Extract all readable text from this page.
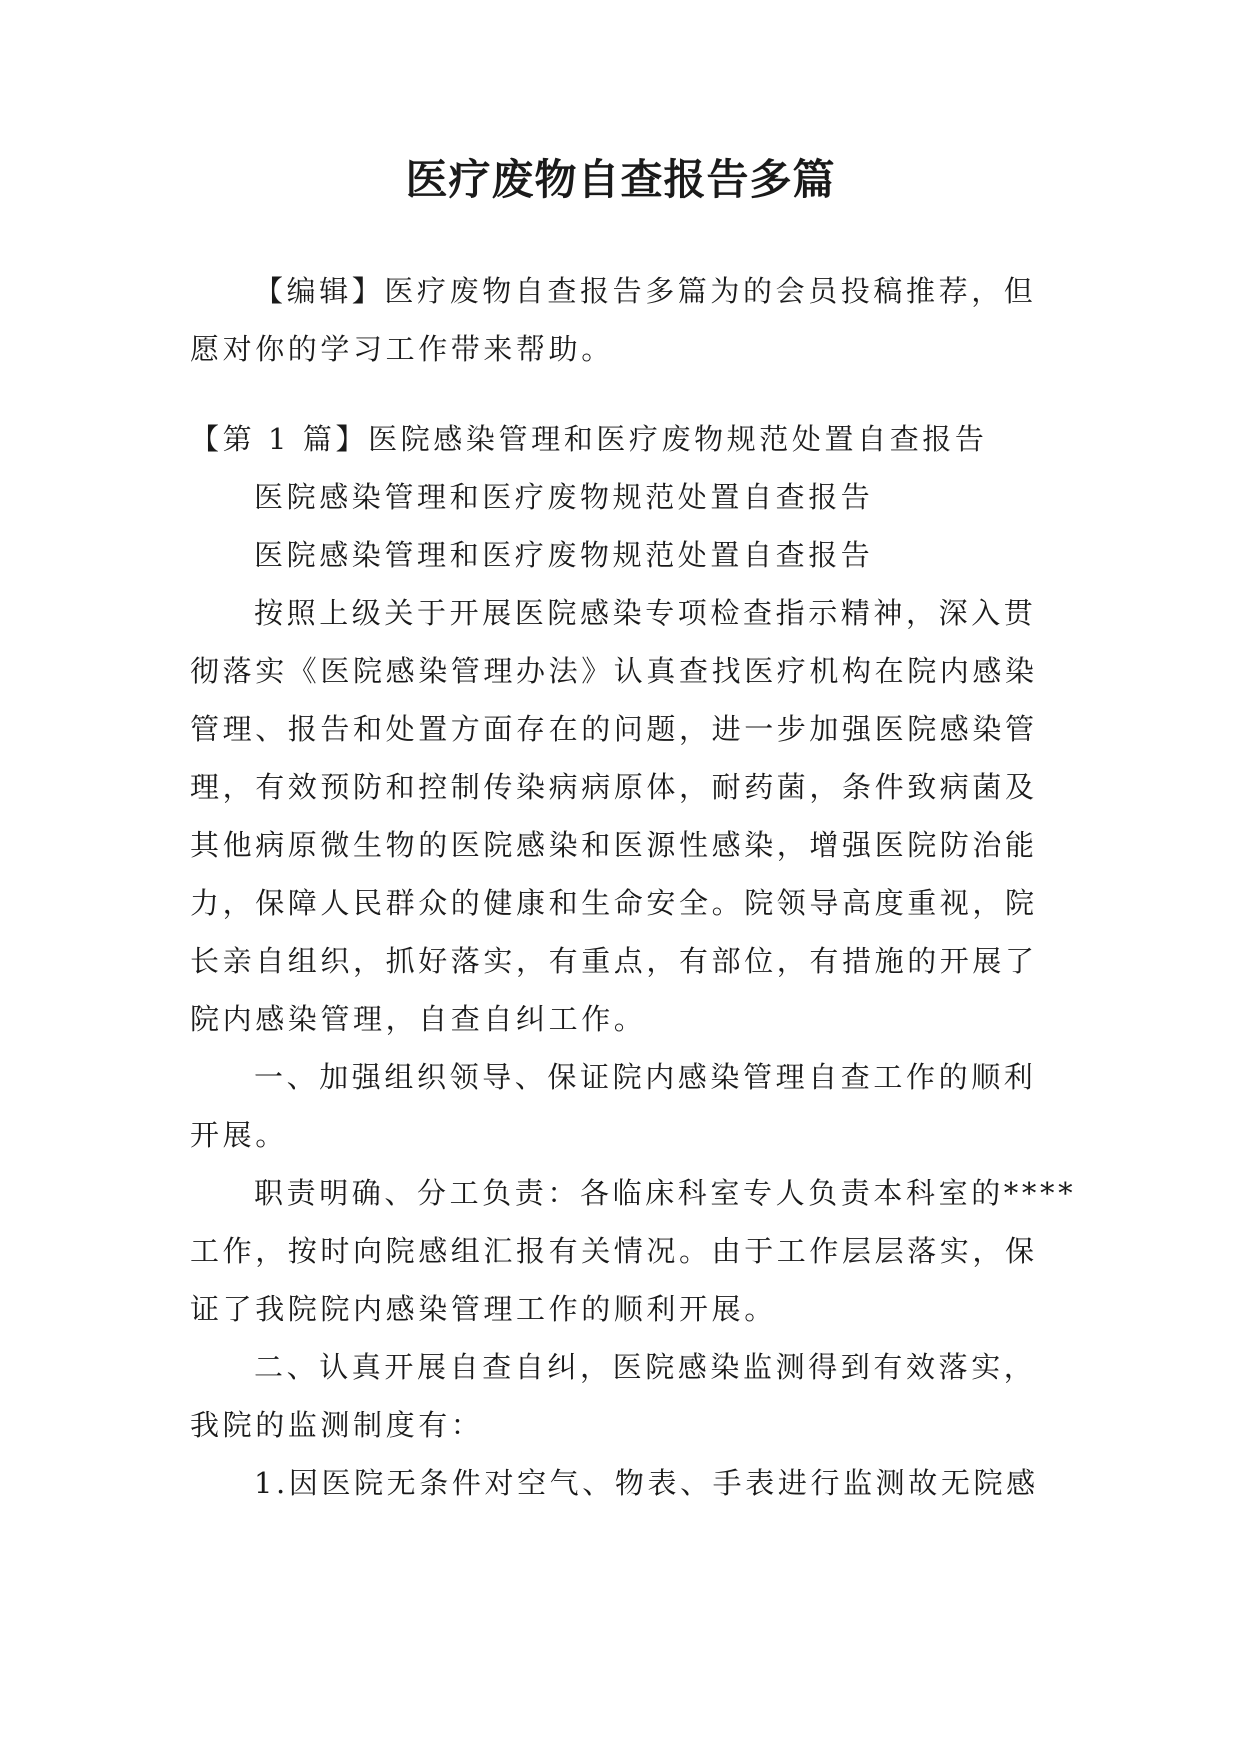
医疗废物自查报告多篇
【编辑】医疗废物自查报告多篇为的会员投稿推荐，但
愿对你的学习工作带来帮助。
【第 1 篇】医院感染管理和医疗废物规范处置自查报告
医院感染管理和医疗废物规范处置自查报告
医院感染管理和医疗废物规范处置自查报告
按照上级关于开展医院感染专项检查指示精神，深入贯
彻落实《医院感染管理办法》认真查找医疗机构在院内感染
管理、报告和处置方面存在的问题，进一步加强医院感染管
理，有效预防和控制传染病病原体，耐药菌，条件致病菌及
其他病原微生物的医院感染和医源性感染，增强医院防治能
力，保障人民群众的健康和生命安全。院领导高度重视，院
长亲自组织，抓好落实，有重点，有部位，有措施的开展了
院内感染管理，自查自纠工作。
一、加强组织领导、保证院内感染管理自查工作的顺利
开展。
职责明确、分工负责：各临床科室专人负责本科室的****
工作，按时向院感组汇报有关情况。由于工作层层落实，保
证了我院院内感染管理工作的顺利开展。
二、认真开展自查自纠，医院感染监测得到有效落实，
我院的监测制度有：
1.因医院无条件对空气、物表、手表进行监测故无院感
